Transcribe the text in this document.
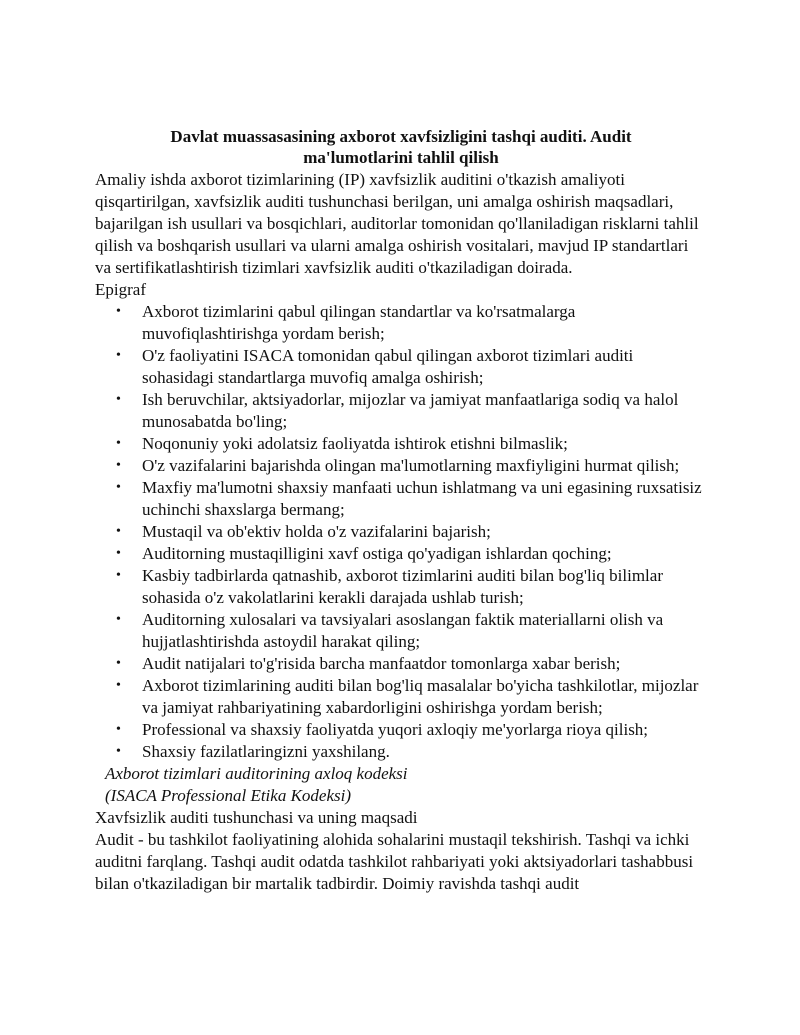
Davlat muassasasining axborot xavfsizligini tashqi auditi. Audit
ma'lumotlarini tahlil qilish

Amaliy ishda axborot tizimlarining (IP) xavfsizlik auditini o'tkazish amaliyoti qisqartirilgan, xavfsizlik auditi tushunchasi berilgan, uni amalga oshirish maqsadlari, bajarilgan ish usullari va bosqichlari, auditorlar tomonidan qo'llaniladigan risklarni tahlil qilish va boshqarish usullari va ularni amalga oshirish vositalari, mavjud IP standartlari va sertifikatlashtirish tizimlari xavfsizlik auditi o'tkaziladigan doirada.

Epigraf

• Axborot tizimlarini qabul qilingan standartlar va ko'rsatmalarga muvofiqlashtirishga yordam berish;
• O'z faoliyatini ISACA tomonidan qabul qilingan axborot tizimlari auditi sohasidagi standartlarga muvofiq amalga oshirish;
• Ish beruvchilar, aktsiyadorlar, mijozlar va jamiyat manfaatlariga sodiq va halol munosabatda bo'ling;
• Noqonuniy yoki adolatsiz faoliyatda ishtirok etishni bilmaslik;
• O'z vazifalarini bajarishda olingan ma'lumotlarning maxfiyligini hurmat qilish;
• Maxfiy ma'lumotni shaxsiy manfaati uchun ishlatmang va uni egasining ruxsatisiz uchinchi shaxslarga bermang;
• Mustaqil va ob'ektiv holda o'z vazifalarini bajarish;
• Auditorning mustaqilligini xavf ostiga qo'yadigan ishlardan qoching;
• Kasbiy tadbirlarda qatnashib, axborot tizimlarini auditi bilan bog'liq bilimlar sohasida o'z vakolatlarini kerakli darajada ushlab turish;
• Auditorning xulosalari va tavsiyalari asoslangan faktik materiallarni olish va hujjatlashtirishda astoydil harakat qiling;
• Audit natijalari to'g'risida barcha manfaatdor tomonlarga xabar berish;
• Axborot tizimlarining auditi bilan bog'liq masalalar bo'yicha tashkilotlar, mijozlar va jamiyat rahbariyatining xabardorligini oshirishga yordam berish;
• Professional va shaxsiy faoliyatda yuqori axloqiy me'yorlarga rioya qilish;
• Shaxsiy fazilatlaringizni yaxshilang.

Axborot tizimlari auditorining axloq kodeksi

(ISACA Professional Etika Kodeksi)

Xavfsizlik auditi tushunchasi va uning maqsadi

Audit - bu tashkilot faoliyatining alohida sohalarini mustaqil tekshirish. Tashqi va ichki auditni farqlang. Tashqi audit odatda tashkilot rahbariyati yoki aktsiyadorlari tashabbusi bilan o'tkaziladigan bir martalik tadbirdir. Doimiy ravishda tashqi audit
